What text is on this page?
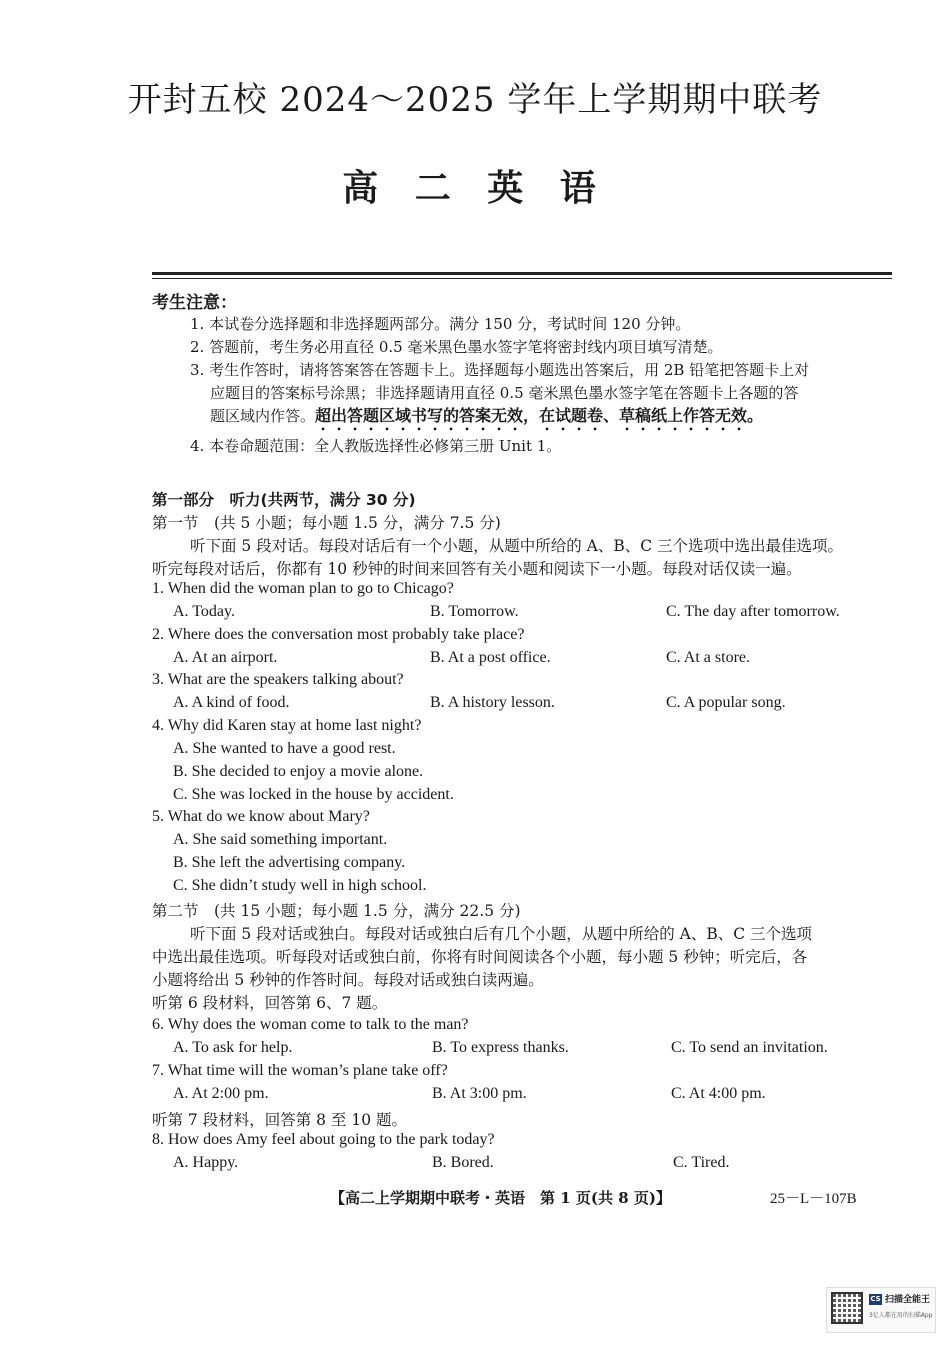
开封五校 2024～2025 学年上学期期中联考
高 二 英 语
考生注意：
1. 本试卷分选择题和非选择题两部分。满分 150 分，考试时间 120 分钟。
2. 答题前，考生务必用直径 0.5 毫米黑色墨水签字笔将密封线内项目填写清楚。
3. 考生作答时，请将答案答在答题卡上。选择题每小题选出答案后，用 2B 铅笔把答题卡上对
应题目的答案标号涂黑；非选择题请用直径 0.5 毫米黑色墨水签字笔在答题卡上各题的答
题区域内作答。超出答题区域书写的答案无效，在试题卷、草稿纸上作答无效。
4. 本卷命题范围：全人教版选择性必修第三册 Unit 1。
第一部分　听力(共两节，满分 30 分)
第一节　(共 5 小题；每小题 1.5 分，满分 7.5 分)
听下面 5 段对话。每段对话后有一个小题，从题中所给的 A、B、C 三个选项中选出最佳选项。
听完每段对话后，你都有 10 秒钟的时间来回答有关小题和阅读下一小题。每段对话仅读一遍。
1. When did the woman plan to go to Chicago?
A. Today.	B. Tomorrow.	C. The day after tomorrow.
2. Where does the conversation most probably take place?
A. At an airport.	B. At a post office.	C. At a store.
3. What are the speakers talking about?
A. A kind of food.	B. A history lesson.	C. A popular song.
4. Why did Karen stay at home last night?
A. She wanted to have a good rest.
B. She decided to enjoy a movie alone.
C. She was locked in the house by accident.
5. What do we know about Mary?
A. She said something important.
B. She left the advertising company.
C. She didn’t study well in high school.
第二节　(共 15 小题；每小题 1.5 分，满分 22.5 分)
听下面 5 段对话或独白。每段对话或独白后有几个小题，从题中所给的 A、B、C 三个选项
中选出最佳选项。听每段对话或独白前，你将有时间阅读各个小题，每小题 5 秒钟；听完后，各
小题将给出 5 秒钟的作答时间。每段对话或独白读两遍。
听第 6 段材料，回答第 6、7 题。
6. Why does the woman come to talk to the man?
A. To ask for help.	B. To express thanks.	C. To send an invitation.
7. What time will the woman’s plane take off?
A. At 2:00 pm.	B. At 3:00 pm.	C. At 4:00 pm.
听第 7 段材料，回答第 8 至 10 题。
8. How does Amy feel about going to the park today?
A. Happy.	B. Bored.	C. Tired.
【高二上学期期中联考・英语　第 1 页(共 8 页)】	25－L－107B
CS 扫描全能王
3亿人都在用的扫描App
